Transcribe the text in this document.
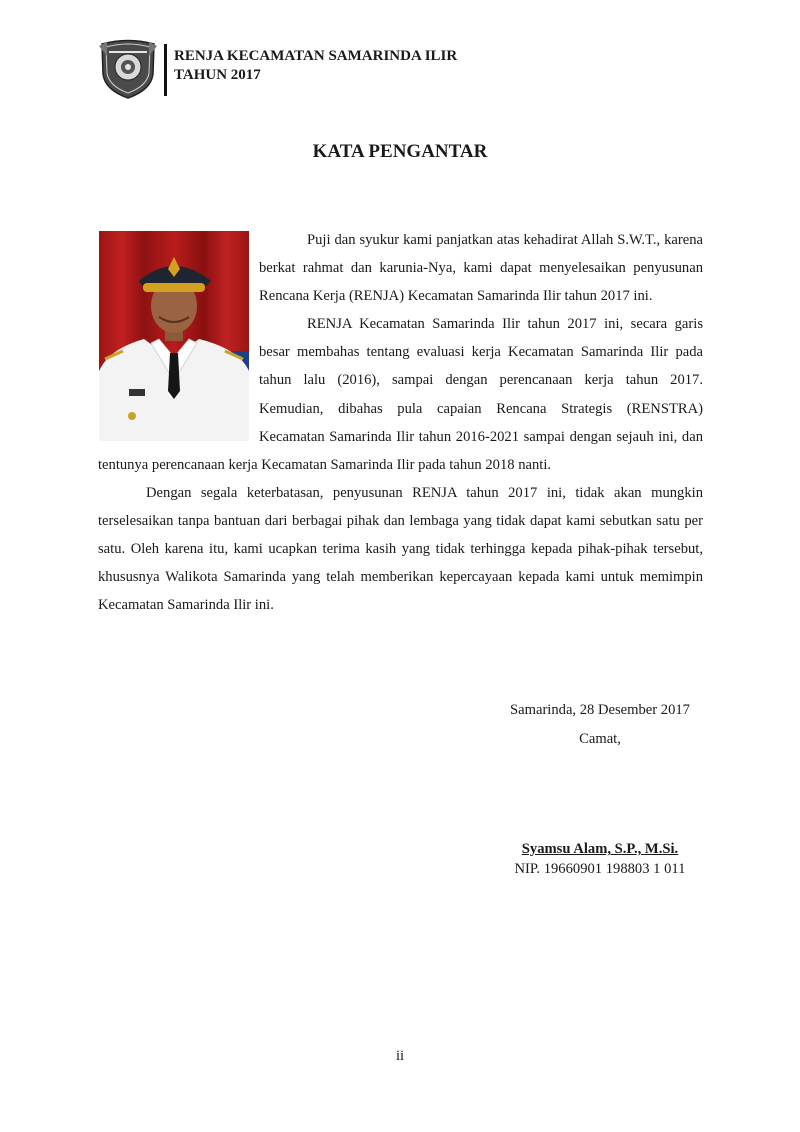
RENJA KECAMATAN SAMARINDA ILIR
TAHUN 2017
KATA PENGANTAR

Puji dan syukur kami panjatkan atas kehadirat Allah S.W.T., karena berkat rahmat dan karunia-Nya, kami dapat menyelesaikan penyusunan Rencana Kerja (RENJA) Kecamatan Samarinda Ilir tahun 2017 ini.

RENJA Kecamatan Samarinda Ilir tahun 2017 ini, secara garis besar membahas tentang evaluasi kerja Kecamatan Samarinda Ilir pada tahun lalu (2016), sampai dengan perencanaan kerja tahun 2017. Kemudian, dibahas pula capaian Rencana Strategis (RENSTRA) Kecamatan Samarinda Ilir tahun 2016-2021 sampai dengan sejauh ini, dan tentunya perencanaan kerja Kecamatan Samarinda Ilir pada tahun 2018 nanti.

Dengan segala keterbatasan, penyusunan RENJA tahun 2017 ini, tidak akan mungkin terselesaikan tanpa bantuan dari berbagai pihak dan lembaga yang tidak dapat kami sebutkan satu per satu. Oleh karena itu, kami ucapkan terima kasih yang tidak terhingga kepada pihak-pihak tersebut, khususnya Walikota Samarinda yang telah memberikan kepercayaan kepada kami untuk memimpin Kecamatan Samarinda Ilir ini.

Samarinda, 28 Desember 2017
Camat,
Syamsu Alam, S.P., M.Si.
NIP. 19660901 198803 1 011
ii
